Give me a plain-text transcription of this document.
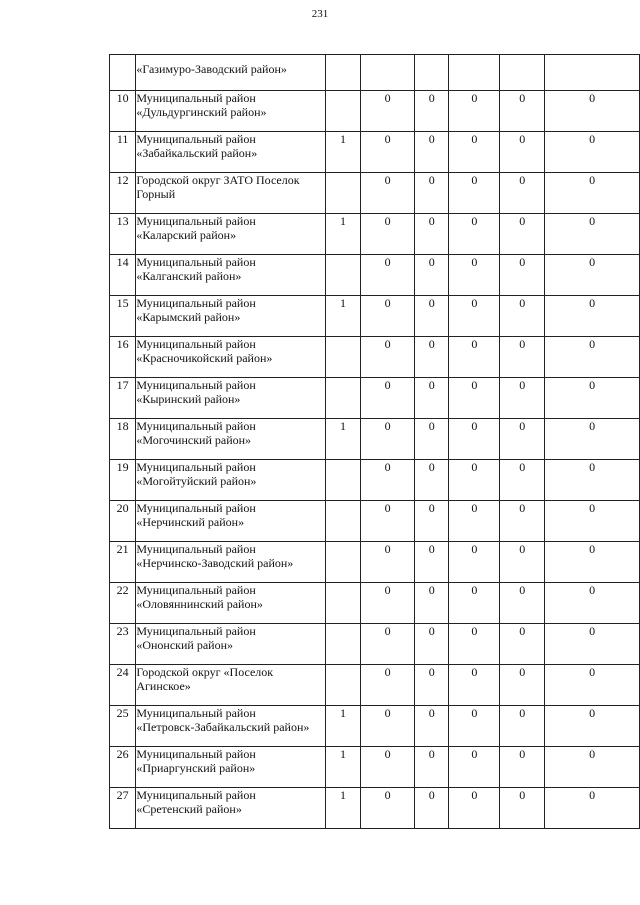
231

	«Газимуро-Заводский район»						

10	Муниципальный район
«Дульдургинский район»		0	0	0	0	0
11	Муниципальный район
«Забайкальский район»	1	0	0	0	0	0
12	Городской округ ЗАТО Поселок
Горный		0	0	0	0	0
13	Муниципальный район
«Каларский район»	1	0	0	0	0	0
14	Муниципальный район
«Калганский район»		0	0	0	0	0
15	Муниципальный район
«Карымский район»	1	0	0	0	0	0
16	Муниципальный район
«Красночикойский район»		0	0	0	0	0
17	Муниципальный район
«Кыринский район»		0	0	0	0	0
18	Муниципальный район
«Могочинский район»	1	0	0	0	0	0
19	Муниципальный район
«Могойтуйский район»		0	0	0	0	0
20	Муниципальный район
«Нерчинский район»		0	0	0	0	0
21	Муниципальный район
«Нерчинско-Заводский район»		0	0	0	0	0
22	Муниципальный район
«Оловяннинский район»		0	0	0	0	0
23	Муниципальный район
«Ононский район»		0	0	0	0	0
24	Городской округ «Поселок
Агинское»		0	0	0	0	0
25	Муниципальный район
«Петровск-Забайкальский район»	1	0	0	0	0	0
26	Муниципальный район
«Приаргунский район»	1	0	0	0	0	0
27	Муниципальный район
«Сретенский район»	1	0	0	0	0	0
